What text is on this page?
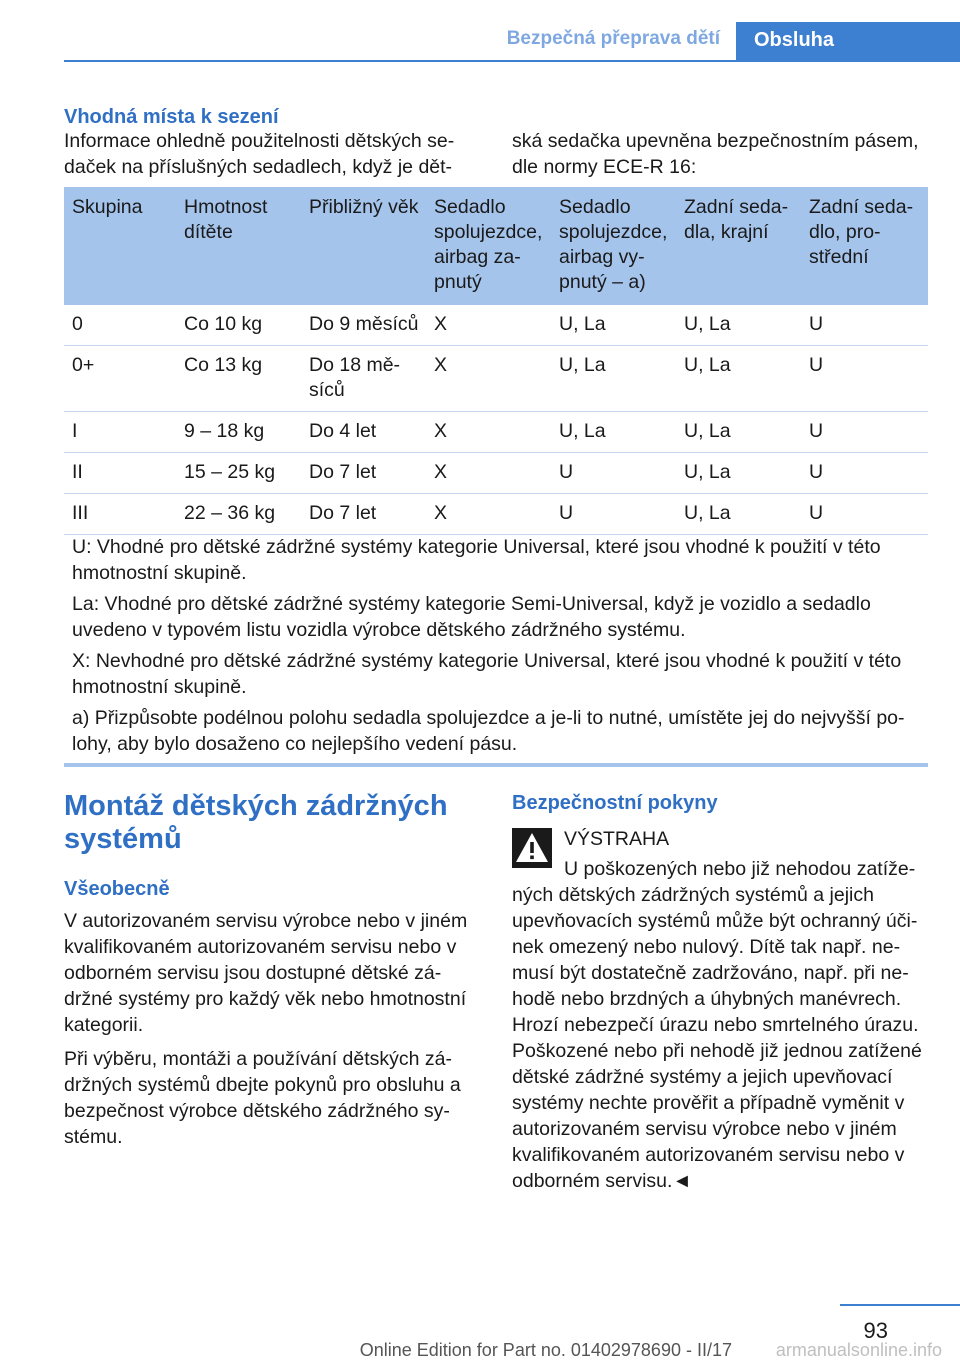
Bezpečná přeprava dětí	Obsluha
Vhodná místa k sezení
Informace ohledně použitelnosti dětských se-daček na příslušných sedadlech, když je dět-
ská sedačka upevněna bezpečnostním pásem, dle normy ECE-R 16:
Skupina	Hmotnost dítěte	Přibližný věk	Sedadlo spolujezdce, airbag za-pnutý	Sedadlo spolujezdce, airbag vy-pnutý – a)	Zadní seda-dla, krajní	Zadní seda-dlo, pro-střední
0	Co 10 kg	Do 9 měsíců	X	U, La	U, La	U
0+	Co 13 kg	Do 18 mě-síců	X	U, La	U, La	U
I	9 – 18 kg	Do 4 let	X	U, La	U, La	U
II	15 – 25 kg	Do 7 let	X	U	U, La	U
III	22 – 36 kg	Do 7 let	X	U	U, La	U

U: Vhodné pro dětské zádržné systémy kategorie Universal, které jsou vhodné k použití v této hmotnostní skupině.

La: Vhodné pro dětské zádržné systémy kategorie Semi-Universal, když je vozidlo a sedadlo uvedeno v typovém listu vozidla výrobce dětského zádržného systému.

X: Nevhodné pro dětské zádržné systémy kategorie Universal, které jsou vhodné k použití v této hmotnostní skupině.

a) Přizpůsobte podélnou polohu sedadla spolujezdce a je-li to nutné, umístěte jej do nejvyšší po-lohy, aby bylo dosaženo co nejlepšího vedení pásu.

Montáž dětských zádržných systémů
Všeobecně

V autorizovaném servisu výrobce nebo v jiném kvalifikovaném autorizovaném servisu nebo v odborném servisu jsou dostupné dětské zá-držné systémy pro každý věk nebo hmotnostní kategorii.

Při výběru, montáži a používání dětských zá-držných systémů dbejte pokynů pro obsluhu a bezpečnost výrobce dětského zádržného sy-stému.

Bezpečnostní pokyny
VÝSTRAHA
U poškozených nebo již nehodou zatíže-ných dětských zádržných systémů a jejich upevňovacích systémů může být ochranný úči-nek omezený nebo nulový. Dítě tak např. ne-musí být dostatečně zadržováno, např. při ne-hodě nebo brzdných a úhybných manévrech. Hrozí nebezpečí úrazu nebo smrtelného úrazu. Poškozené nebo při nehodě již jednou zatížené dětské zádržné systémy a jejich upevňovací systémy nechte prověřit a případně vyměnit v autorizovaném servisu výrobce nebo v jiném kvalifikovaném autorizovaném servisu nebo v odborném servisu.◄
93
Online Edition for Part no. 01402978690 - II/17 armanualsonline.info
